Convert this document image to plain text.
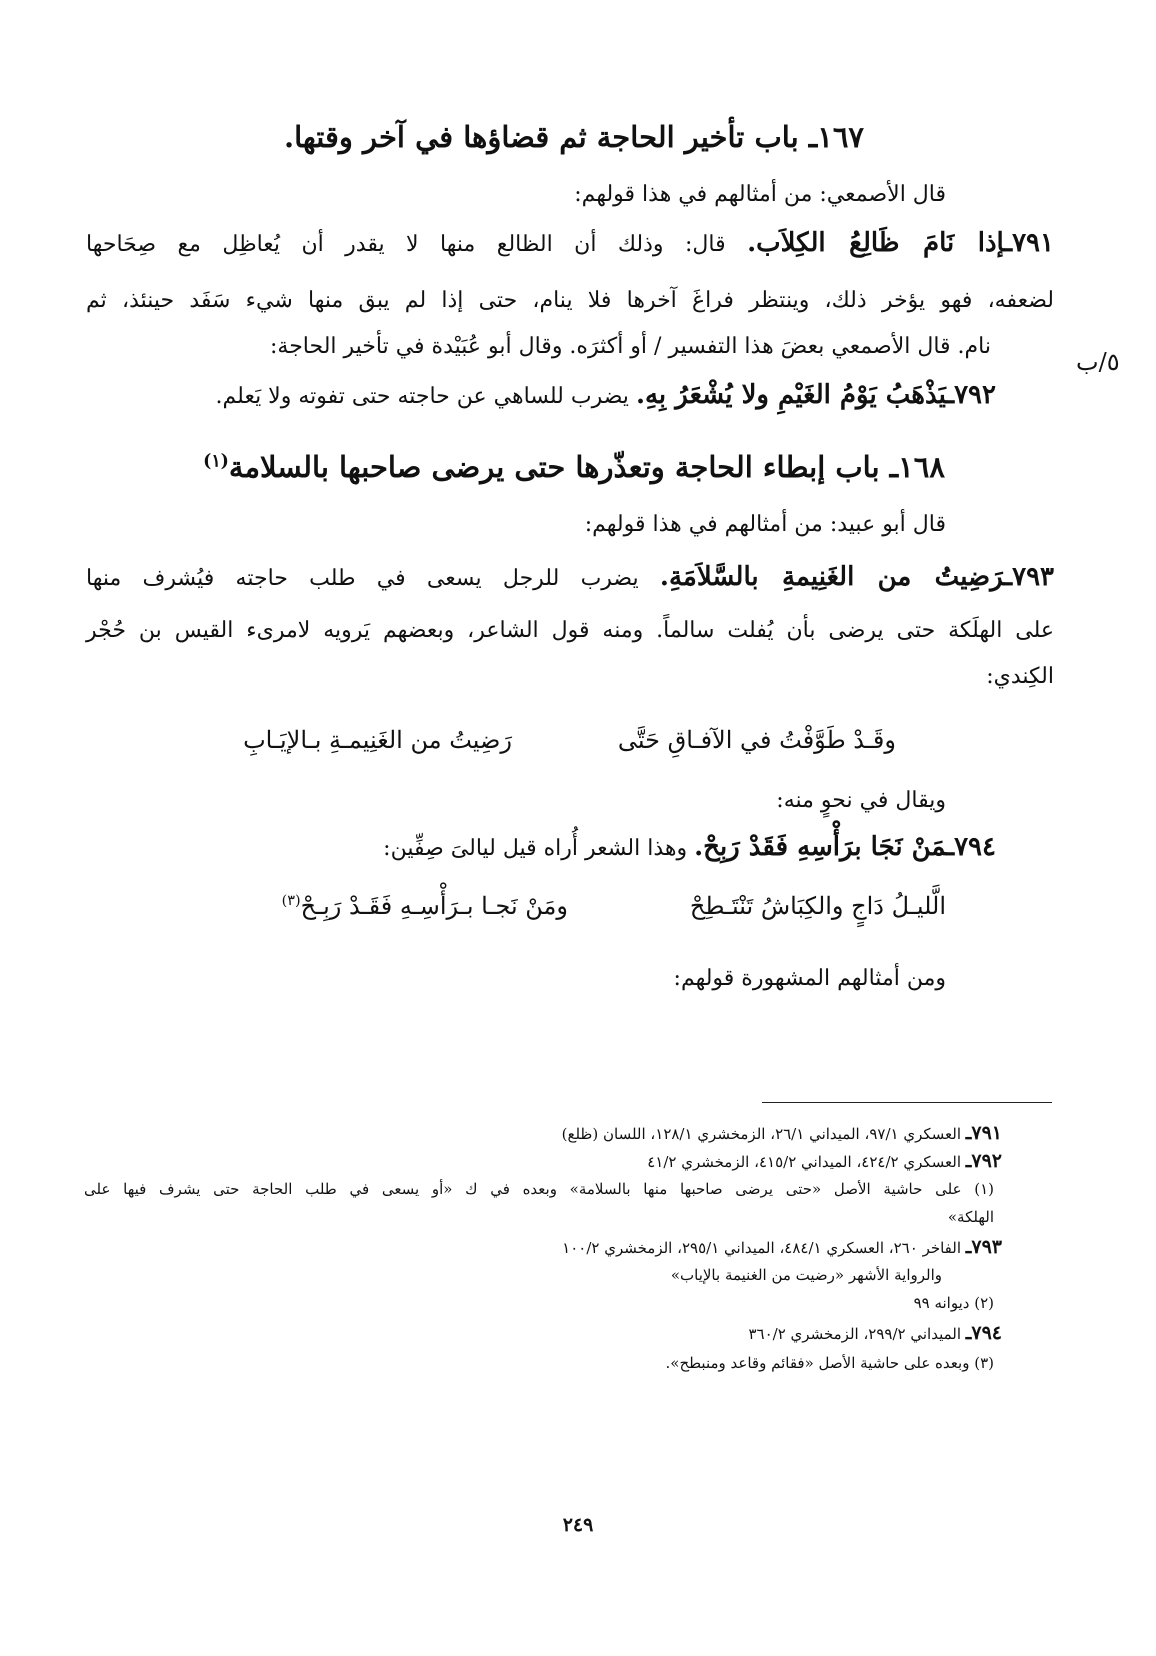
١٦٧ـ باب تأخير الحاجة ثم قضاؤها في آخر وقتها.
قال الأصمعي: من أمثالهم في هذا قولهم:
٧٩١ـإذا نَامَ ظَالِعُ الكِلاَب. قال: وذلك أن الظالع منها لا يقدر أن يُعاظِل مع صِحَاحها
لضعفه، فهو يؤخر ذلك، وينتظر فراغَ آخرها فلا ينام، حتى إذا لم يبق منها شيء سَفَد حينئذ، ثم
نام. قال الأصمعي بعضَ هذا التفسير / أو أكثرَه. وقال أبو عُبَيْدة في تأخير الحاجة:
٥/ب
٧٩٢ـيَذْهَبُ يَوْمُ الغَيْمِ ولا يُشْعَرُ بِهِ. يضرب للساهي عن حاجته حتى تفوته ولا يَعلم.
١٦٨ـ باب إبطاء الحاجة وتعذّرها حتى يرضى صاحبها بالسلامة$^{(١)}$
قال أبو عبيد: من أمثالهم في هذا قولهم:
٧٩٣ـرَضِيتُ من الغَنِيمةِ بالسَّلاَمَةِ. يضرب للرجل يسعى في طلب حاجته فيُشرف منها
على الهلَكة حتى يرضى بأن يُفلت سالماً. ومنه قول الشاعر، وبعضهم يَرويه لامرىء القيس بن حُجْر
الكِندي:
وقَـدْ طَوَّفْتُ في الآفـاقِ حَتَّى
رَضِيتُ من الغَنِيمـةِ بـالإيَـابِ
ويقال في نحوٍ منه:
٧٩٤ـمَنْ نَجَا برَأْسِهِ فَقَدْ رَبِحْ. وهذا الشعر أُراه قيل ليالىَ صِفِّين:
الَّليـلُ دَاجٍ والكِبَاشُ تَنْتَـطِحْ
ومَنْ نَجـا بـرَأْسِـهِ فَقَـدْ رَبِـحْ$^{(٣)}$
ومن أمثالهم المشهورة قولهم:
٧٩١ـ العسكري ٩٧/١، الميداني ٢٦/١، الزمخشري ١٢٨/١، اللسان (ظلع)
٧٩٢ـ العسكري ٤٢٤/٢، الميداني ٤١٥/٢، الزمخشري ٤١/٢
(١) على حاشية الأصل «حتى يرضى صاحبها منها بالسلامة» وبعده في ك «أو يسعى في طلب الحاجة حتى يشرف فيها على
الهلكة»
٧٩٣ـ الفاخر ٢٦٠، العسكري ٤٨٤/١، الميداني ٢٩٥/١، الزمخشري ١٠٠/٢
والرواية الأشهر «رضيت من الغنيمة بالإياب»
(٢) ديوانه ٩٩
٧٩٤ـ الميداني ٢٩٩/٢، الزمخشري ٣٦٠/٢
(٣) وبعده على حاشية الأصل «فقائم وقاعد ومنبطح».
٢٤٩
